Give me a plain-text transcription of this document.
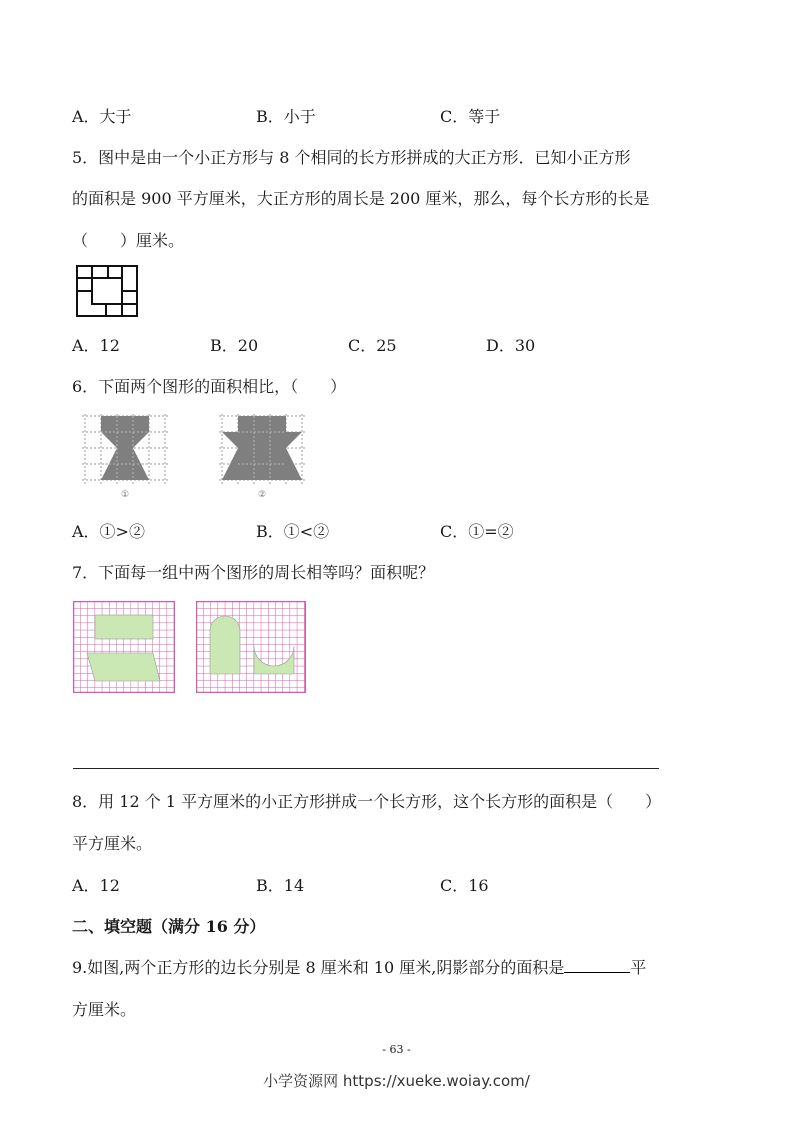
A．大于	B．小于	C．等于
5．图中是由一个小正方形与 8 个相同的长方形拼成的大正方形．已知小正方形
的面积是 900 平方厘米，大正方形的周长是 200 厘米，那么，每个长方形的长是
（　　）厘米。
A．12	B．20	C．25	D．30
6．下面两个图形的面积相比，（　　）
①	②
A．①>②	B．①<②	C．①=②
7．下面每一组中两个图形的周长相等吗？面积呢？
8．用 12 个 1 平方厘米的小正方形拼成一个长方形，这个长方形的面积是（　　）
平方厘米。
A．12	B．14	C．16
二、填空题（满分 16 分）
9.如图,两个正方形的边长分别是 8 厘米和 10 厘米,阴影部分的面积是	平
方厘米。
- 63 -
小学资源网 https://xueke.woiay.com/
